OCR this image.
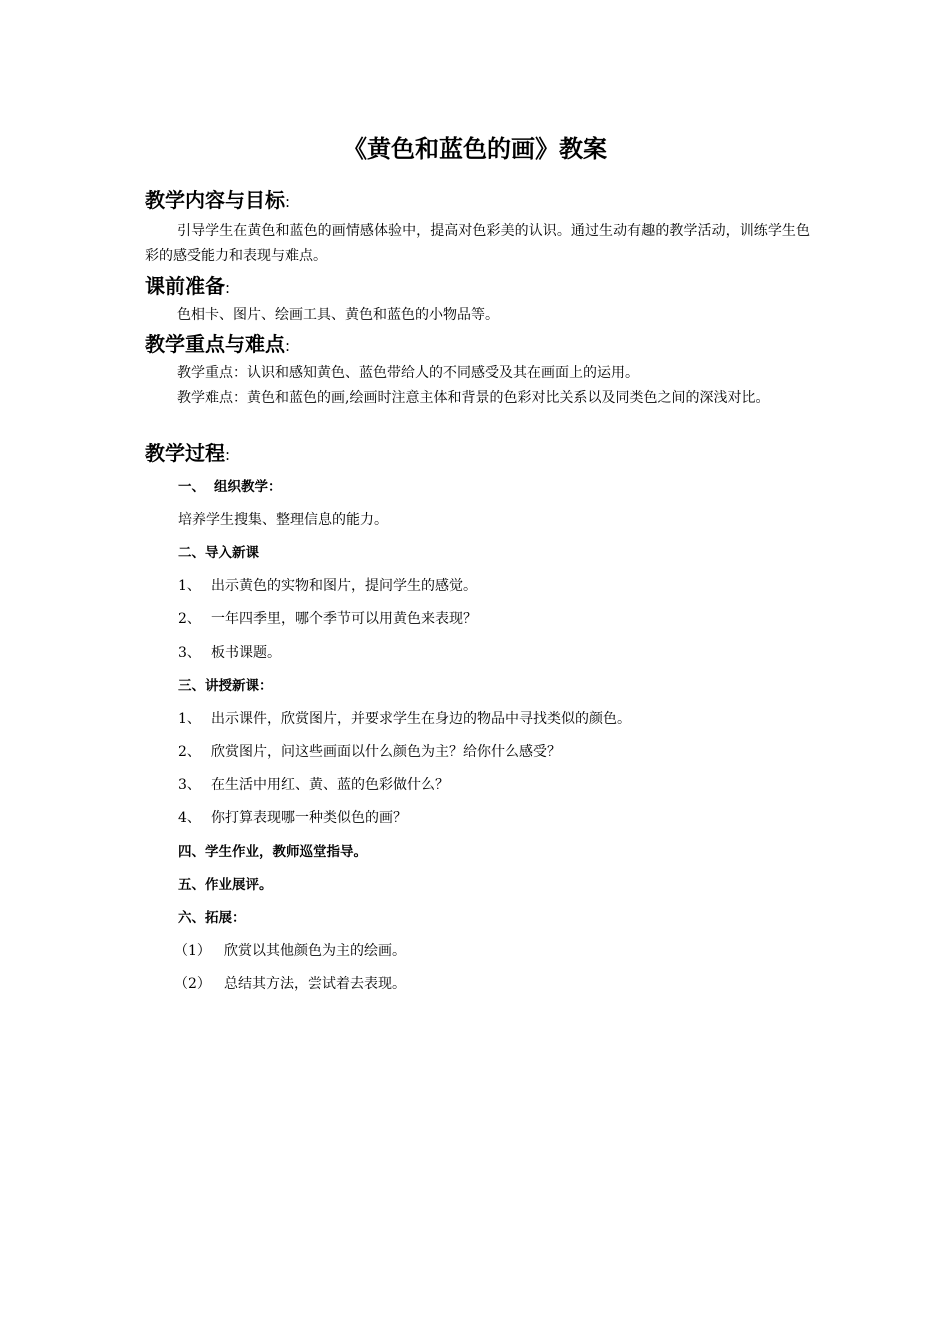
《黄色和蓝色的画》教案
教学内容与目标:

引导学生在黄色和蓝色的画情感体验中，提高对色彩美的认识。通过生动有趣的教学活动，训练学生色彩的感受能力和表现与难点。

课前准备:

色相卡、图片、绘画工具、黄色和蓝色的小物品等。

教学重点与难点:

教学重点：认识和感知黄色、蓝色带给人的不同感受及其在画面上的运用。

教学难点：黄色和蓝色的画,绘画时注意主体和背景的色彩对比关系以及同类色之间的深浅对比。

教学过程:
一、 组织教学：
培养学生搜集、整理信息的能力。
二、导入新课
1、 出示黄色的实物和图片，提问学生的感觉。
2、 一年四季里，哪个季节可以用黄色来表现？
3、 板书课题。
三、讲授新课：
1、 出示课件，欣赏图片，并要求学生在身边的物品中寻找类似的颜色。
2、 欣赏图片，问这些画面以什么颜色为主？给你什么感受？
3、 在生活中用红、黄、蓝的色彩做什么？
4、 你打算表现哪一种类似色的画？
四、学生作业，教师巡堂指导。
五、作业展评。
六、拓展：
（1） 欣赏以其他颜色为主的绘画。
（2） 总结其方法，尝试着去表现。
